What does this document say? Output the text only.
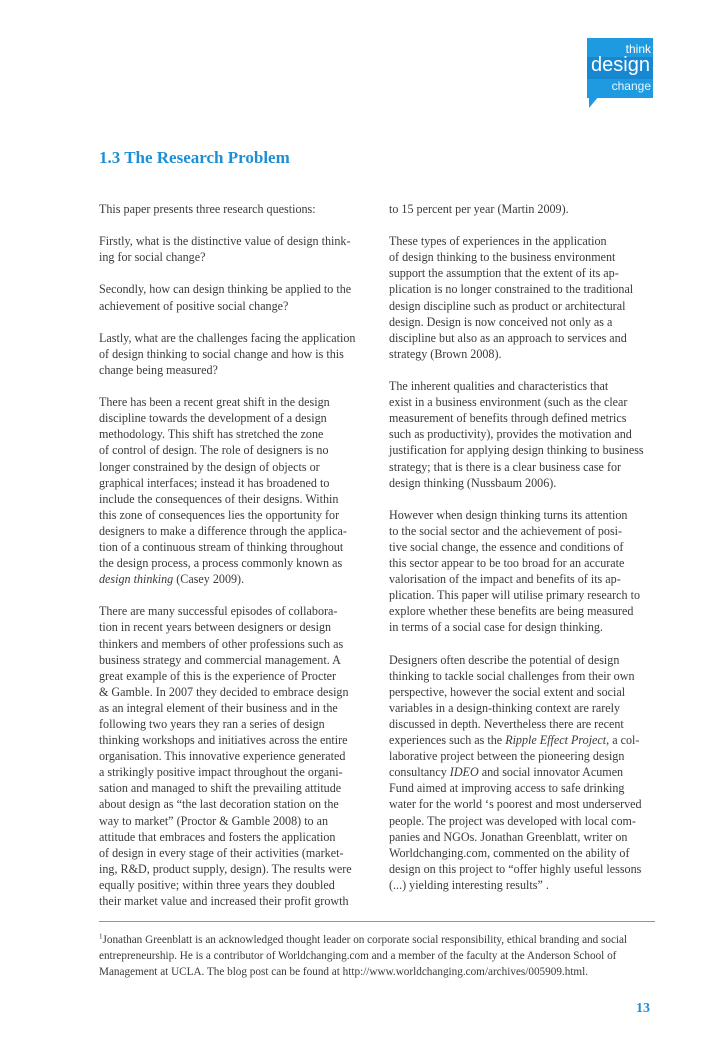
think
design
change
1.3 The Research Problem

This paper presents three research questions:

Firstly, what is the distinctive value of design think-
ing for social change?

Secondly, how can design thinking be applied to the
achievement of positive social change?

Lastly, what are the challenges facing the application
of design thinking to social change and how is this
change being measured?

There has been a recent great shift in the design
discipline towards the development of a design
methodology. This shift has stretched the zone
of control of design. The role of designers is no
longer constrained by the design of objects or
graphical interfaces; instead it has broadened to
include the consequences of their designs. Within
this zone of consequences lies the opportunity for
designers to make a difference through the applica-
tion of a continuous stream of thinking throughout
the design process, a process commonly known as
design thinking (Casey 2009).

There are many successful episodes of collabora-
tion in recent years between designers or design
thinkers and members of other professions such as
business strategy and commercial management. A
great example of this is the experience of Procter
& Gamble. In 2007 they decided to embrace design
as an integral element of their business and in the
following two years they ran a series of design
thinking workshops and initiatives across the entire
organisation. This innovative experience generated
a strikingly positive impact throughout the organi-
sation and managed to shift the prevailing attitude
about design as “the last decoration station on the
way to market” (Proctor & Gamble 2008) to an
attitude that embraces and fosters the application
of design in every stage of their activities (market-
ing, R&D, product supply, design). The results were
equally positive; within three years they doubled
their market value and increased their profit growth

to 15 percent per year (Martin 2009).

These types of experiences in the application
of design thinking to the business environment
support the assumption that the extent of its ap-
plication is no longer constrained to the traditional
design discipline such as product or architectural
design. Design is now conceived not only as a
discipline but also as an approach to services and
strategy (Brown 2008).

The inherent qualities and characteristics that
exist in a business environment (such as the clear
measurement of benefits through defined metrics
such as productivity), provides the motivation and
justification for applying design thinking to business
strategy; that is there is a clear business case for
design thinking (Nussbaum 2006).

However when design thinking turns its attention
to the social sector and the achievement of posi-
tive social change, the essence and conditions of
this sector appear to be too broad for an accurate
valorisation of the impact and benefits of its ap-
plication. This paper will utilise primary research to
explore whether these benefits are being measured
in terms of a social case for design thinking.

Designers often describe the potential of design
thinking to tackle social challenges from their own
perspective, however the social extent and social
variables in a design-thinking context are rarely
discussed in depth. Nevertheless there are recent
experiences such as the Ripple Effect Project, a col-
laborative project between the pioneering design
consultancy IDEO and social innovator Acumen
Fund aimed at improving access to safe drinking
water for the world ‘s poorest and most underserved
people. The project was developed with local com-
panies and NGOs. Jonathan Greenblatt, writer on
Worldchanging.com, commented on the ability of
design on this project to “offer highly useful lessons
(...) yielding interesting results” .

$^1$Jonathan Greenblatt is an acknowledged thought leader on corporate social responsibility, ethical branding and social
entrepreneurship. He is a contributor of Worldchanging.com and a member of the faculty at the Anderson School of
Management at UCLA. The blog post can be found at http://www.worldchanging.com/archives/005909.html.
13
